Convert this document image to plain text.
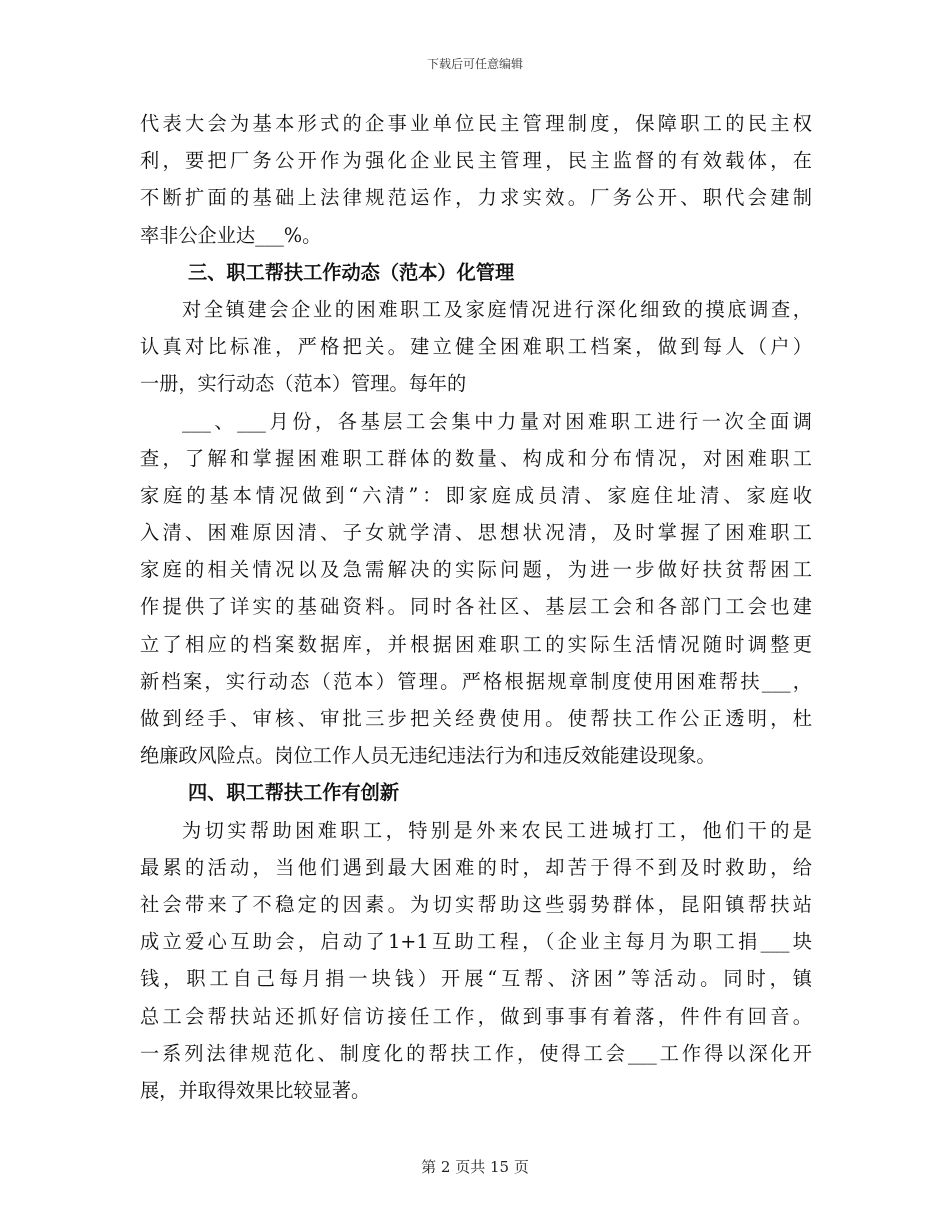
下载后可任意编辑
代表大会为基本形式的企事业单位民主管理制度，保障职工的民主权
利，要把厂务公开作为强化企业民主管理，民主监督的有效载体，在
不断扩面的基础上法律规范运作，力求实效。厂务公开、职代会建制
率非公企业达___%。
三、职工帮扶工作动态（范本）化管理
对全镇建会企业的困难职工及家庭情况进行深化细致的摸底调查，
认真对比标准，严格把关。建立健全困难职工档案，做到每人（户）
一册，实行动态（范本）管理。每年的
___、___月份，各基层工会集中力量对困难职工进行一次全面调
查，了解和掌握困难职工群体的数量、构成和分布情况，对困难职工
家庭的基本情况做到“六清”：即家庭成员清、家庭住址清、家庭收
入清、困难原因清、子女就学清、思想状况清，及时掌握了困难职工
家庭的相关情况以及急需解决的实际问题，为进一步做好扶贫帮困工
作提供了详实的基础资料。同时各社区、基层工会和各部门工会也建
立了相应的档案数据库，并根据困难职工的实际生活情况随时调整更
新档案，实行动态（范本）管理。严格根据规章制度使用困难帮扶___，
做到经手、审核、审批三步把关经费使用。使帮扶工作公正透明，杜
绝廉政风险点。岗位工作人员无违纪违法行为和违反效能建设现象。
四、职工帮扶工作有创新
为切实帮助困难职工，特别是外来农民工进城打工，他们干的是
最累的活动，当他们遇到最大困难的时，却苦于得不到及时救助，给
社会带来了不稳定的因素。为切实帮助这些弱势群体，昆阳镇帮扶站
成立爱心互助会，启动了1+1互助工程，（企业主每月为职工捐___块
钱，职工自己每月捐一块钱）开展“互帮、济困”等活动。同时，镇
总工会帮扶站还抓好信访接任工作，做到事事有着落，件件有回音。
一系列法律规范化、制度化的帮扶工作，使得工会___工作得以深化开
展，并取得效果比较显著。
第 2 页共 15 页
